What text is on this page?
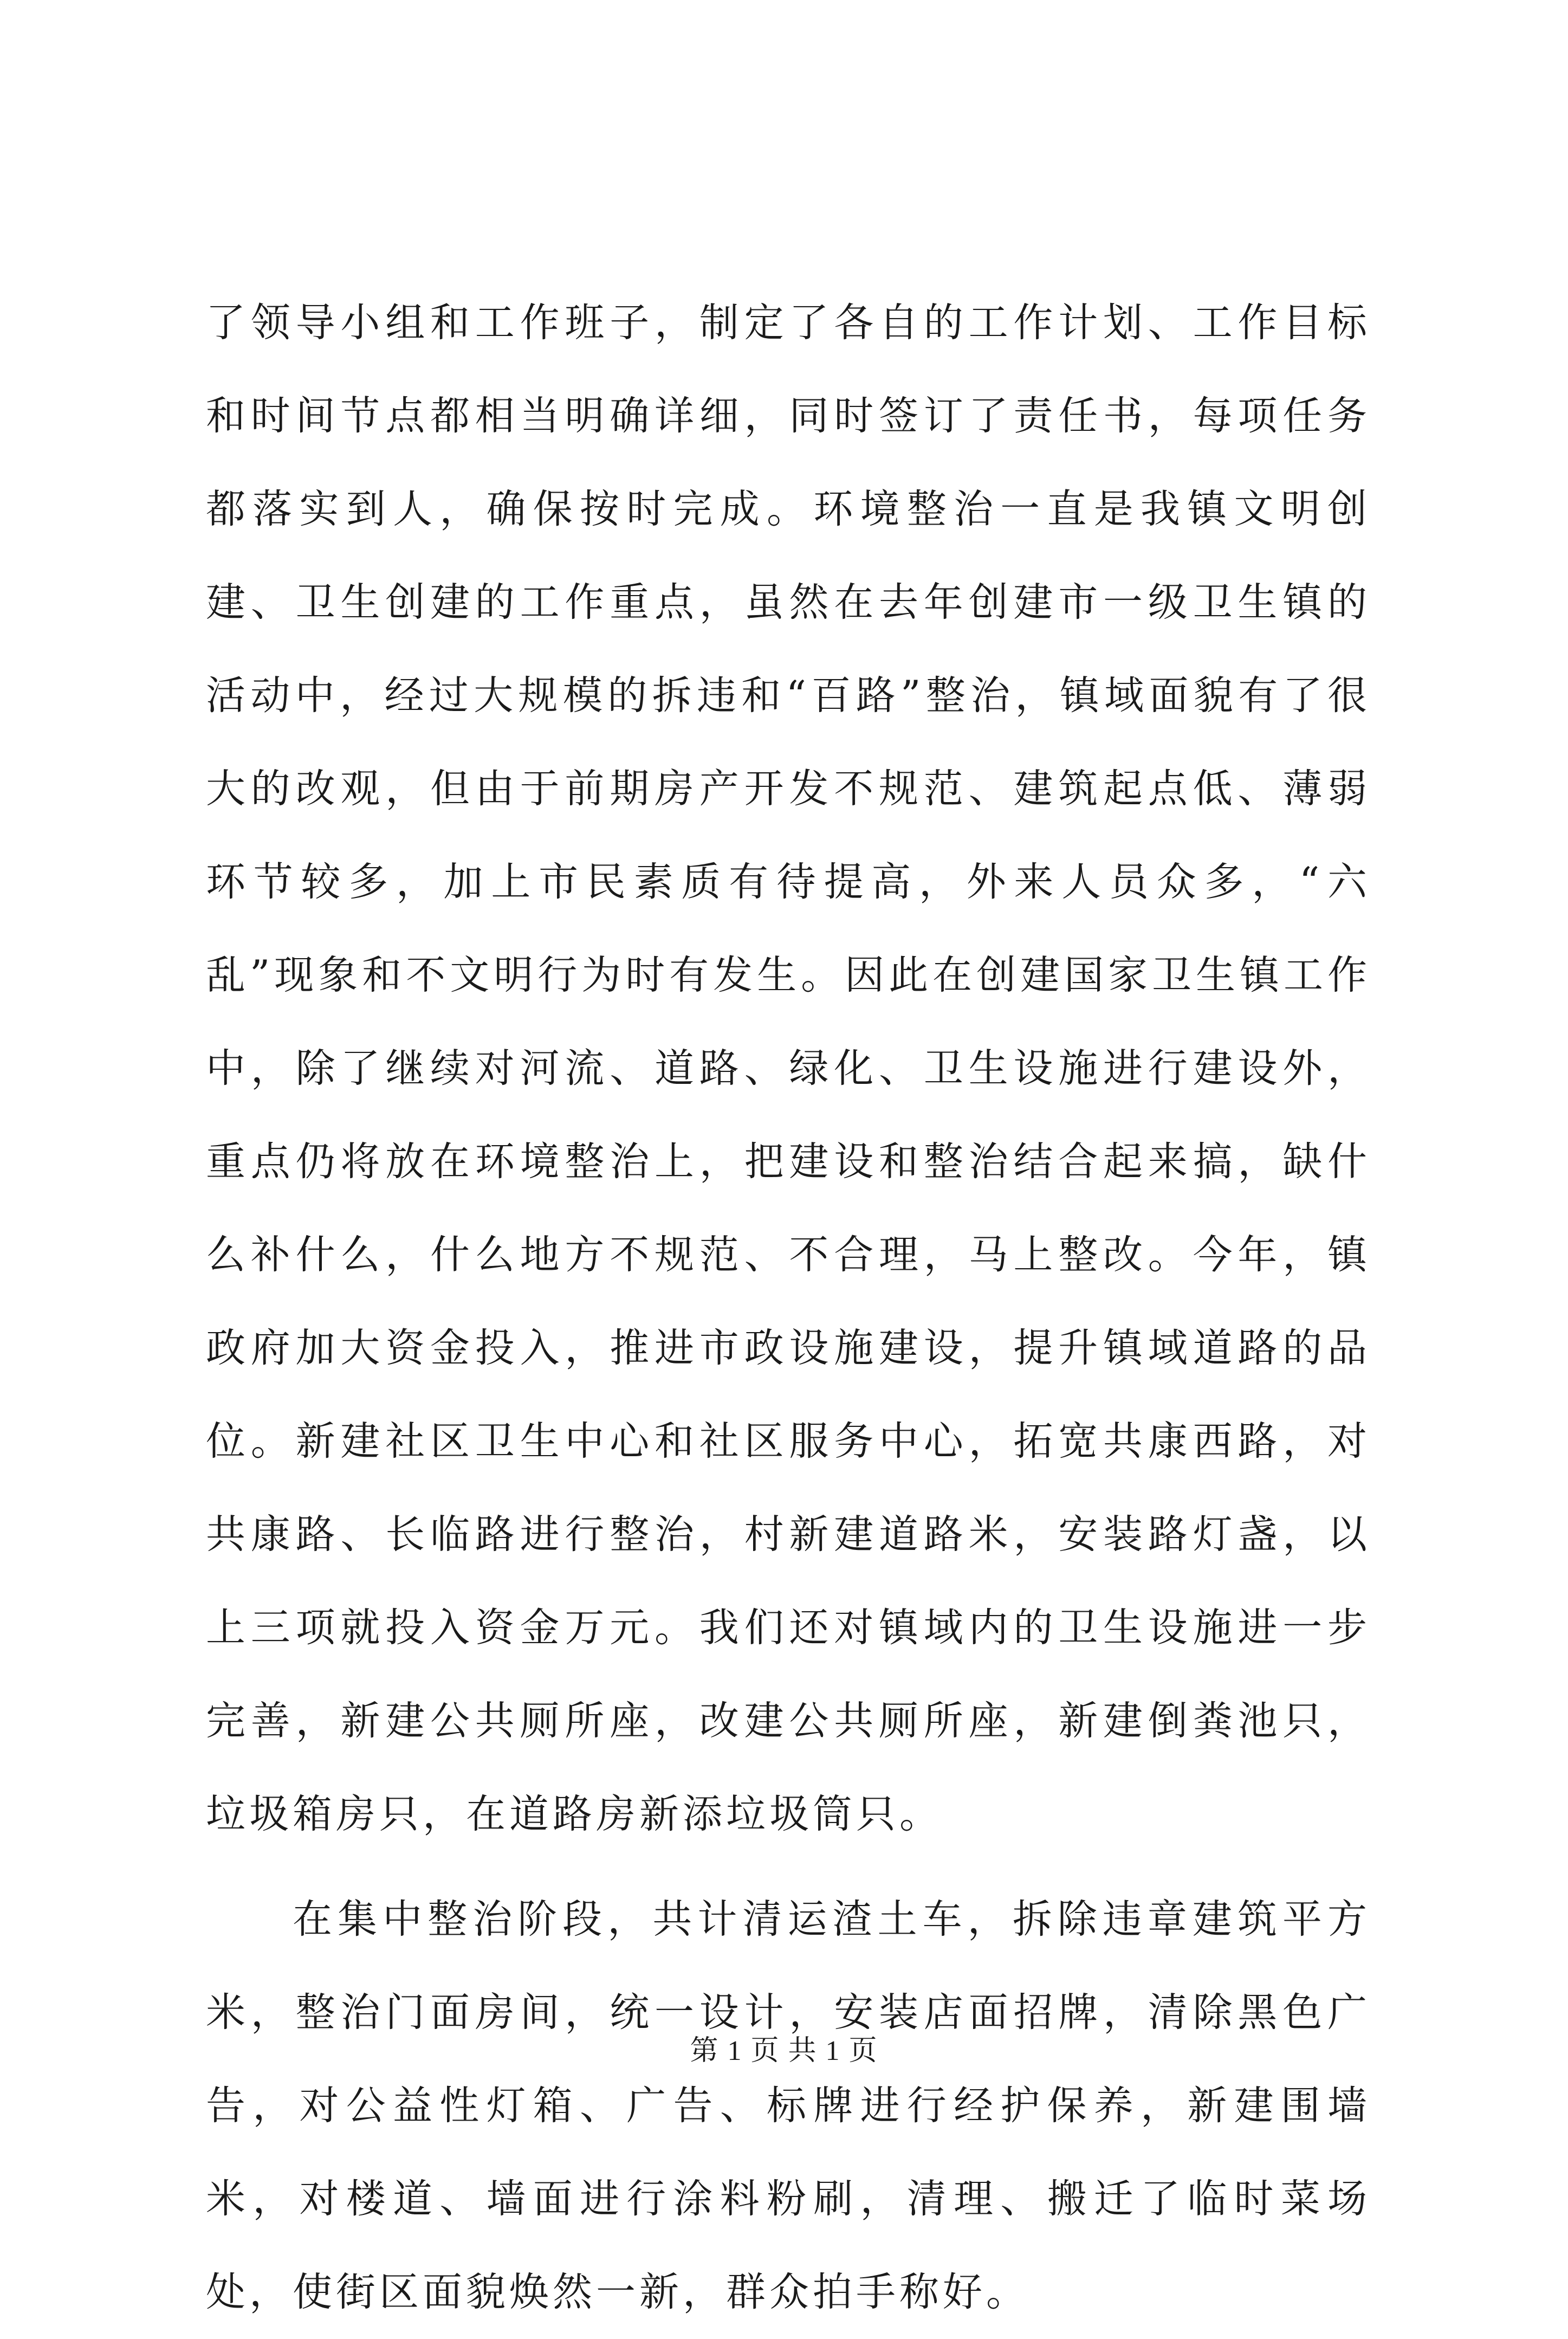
了领导小组和工作班子，制定了各自的工作计划、工作目标和时间节点都相当明确详细，同时签订了责任书，每项任务都落实到人，确保按时完成。环境整治一直是我镇文明创建、卫生创建的工作重点，虽然在去年创建市一级卫生镇的活动中，经过大规模的拆违和“百路”整治，镇域面貌有了很大的改观，但由于前期房产开发不规范、建筑起点低、薄弱环节较多，加上市民素质有待提高，外来人员众多，“六乱”现象和不文明行为时有发生。因此在创建国家卫生镇工作中，除了继续对河流、道路、绿化、卫生设施进行建设外，重点仍将放在环境整治上，把建设和整治结合起来搞，缺什么补什么，什么地方不规范、不合理，马上整改。今年，镇政府加大资金投入，推进市政设施建设，提升镇域道路的品位。新建社区卫生中心和社区服务中心，拓宽共康西路，对共康路、长临路进行整治，村新建道路米，安装路灯盏，以上三项就投入资金万元。我们还对镇域内的卫生设施进一步完善，新建公共厕所座，改建公共厕所座，新建倒粪池只，垃圾箱房只，在道路房新添垃圾筒只。

在集中整治阶段，共计清运渣土车，拆除违章建筑平方米，整治门面房间，统一设计，安装店面招牌，清除黑色广告，对公益性灯箱、广告、标牌进行经护保养，新建围墙米，对楼道、墙面进行涂料粉刷，清理、搬迁了临时菜场处，使街区面貌焕然一新，群众拍手称好。

第 1 页 共 1 页
